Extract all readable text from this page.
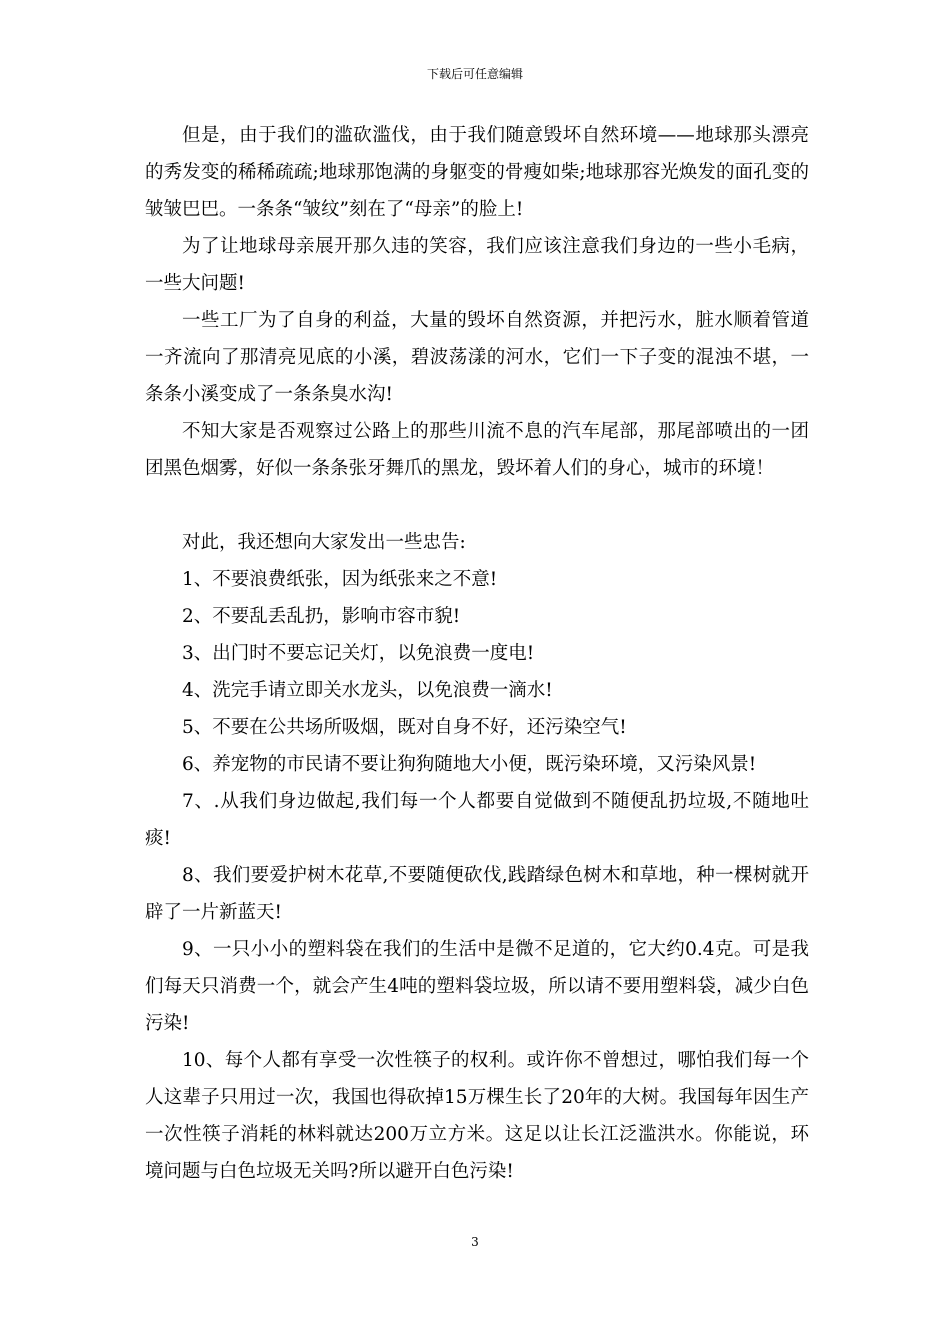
下载后可任意编辑

但是，由于我们的滥砍滥伐，由于我们随意毁坏自然环境——地球那头漂亮的秀发变的稀稀疏疏;地球那饱满的身躯变的骨瘦如柴;地球那容光焕发的面孔变的皱皱巴巴。一条条“皱纹”刻在了“母亲”的脸上!

为了让地球母亲展开那久违的笑容，我们应该注意我们身边的一些小毛病，一些大问题!

一些工厂为了自身的利益，大量的毁坏自然资源，并把污水，脏水顺着管道一齐流向了那清亮见底的小溪，碧波荡漾的河水，它们一下子变的混浊不堪，一条条小溪变成了一条条臭水沟!

不知大家是否观察过公路上的那些川流不息的汽车尾部，那尾部喷出的一团团黑色烟雾，好似一条条张牙舞爪的黑龙，毁坏着人们的身心，城市的环境！

对此，我还想向大家发出一些忠告:

1、不要浪费纸张，因为纸张来之不意!

2、不要乱丢乱扔，影响市容市貌!

3、出门时不要忘记关灯，以免浪费一度电!

4、洗完手请立即关水龙头，以免浪费一滴水!

5、不要在公共场所吸烟，既对自身不好，还污染空气!

6、养宠物的市民请不要让狗狗随地大小便，既污染环境，又污染风景!

7、.从我们身边做起,我们每一个人都要自觉做到不随便乱扔垃圾,不随地吐痰!

8、我们要爱护树木花草,不要随便砍伐,践踏绿色树木和草地，种一棵树就开辟了一片新蓝天!

9、一只小小的塑料袋在我们的生活中是微不足道的，它大约0.4克。可是我们每天只消费一个，就会产生4吨的塑料袋垃圾，所以请不要用塑料袋，减少白色污染!

10、每个人都有享受一次性筷子的权利。或许你不曾想过，哪怕我们每一个人这辈子只用过一次，我国也得砍掉15万棵生长了20年的大树。我国每年因生产一次性筷子消耗的林料就达200万立方米。这足以让长江泛滥洪水。你能说，环境问题与白色垃圾无关吗?所以避开白色污染!

3
